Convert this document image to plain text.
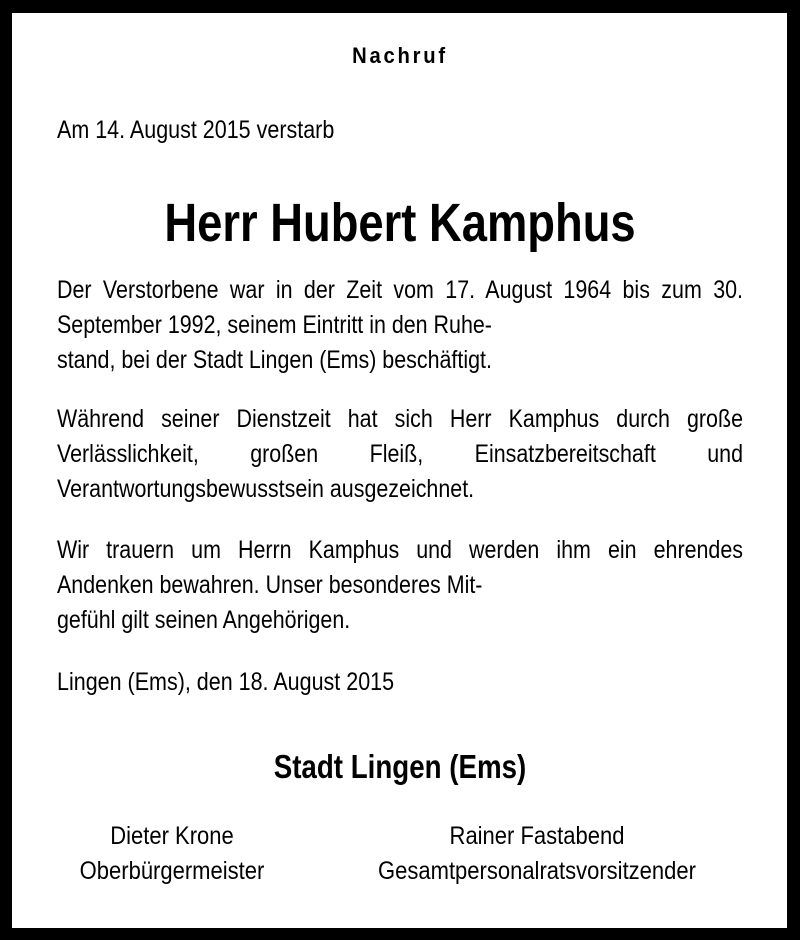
Nachruf
Am 14. August 2015 verstarb
Herr Hubert Kamphus
Der Verstorbene war in der Zeit vom 17. August 1964 bis zum 30. September 1992, seinem Eintritt in den Ruhe-
stand, bei der Stadt Lingen (Ems) beschäftigt.
Während seiner Dienstzeit hat sich Herr Kamphus durch große Verlässlichkeit, großen Fleiß, Einsatzbereitschaft und Verantwortungsbewusstsein ausgezeichnet.
Wir trauern um Herrn Kamphus und werden ihm ein ehrendes Andenken bewahren. Unser besonderes Mit-
gefühl gilt seinen Angehörigen.
Lingen (Ems), den 18. August 2015
Stadt Lingen (Ems)
Dieter Krone
Oberbürgermeister
Rainer Fastabend
Gesamtpersonalratsvorsitzender
